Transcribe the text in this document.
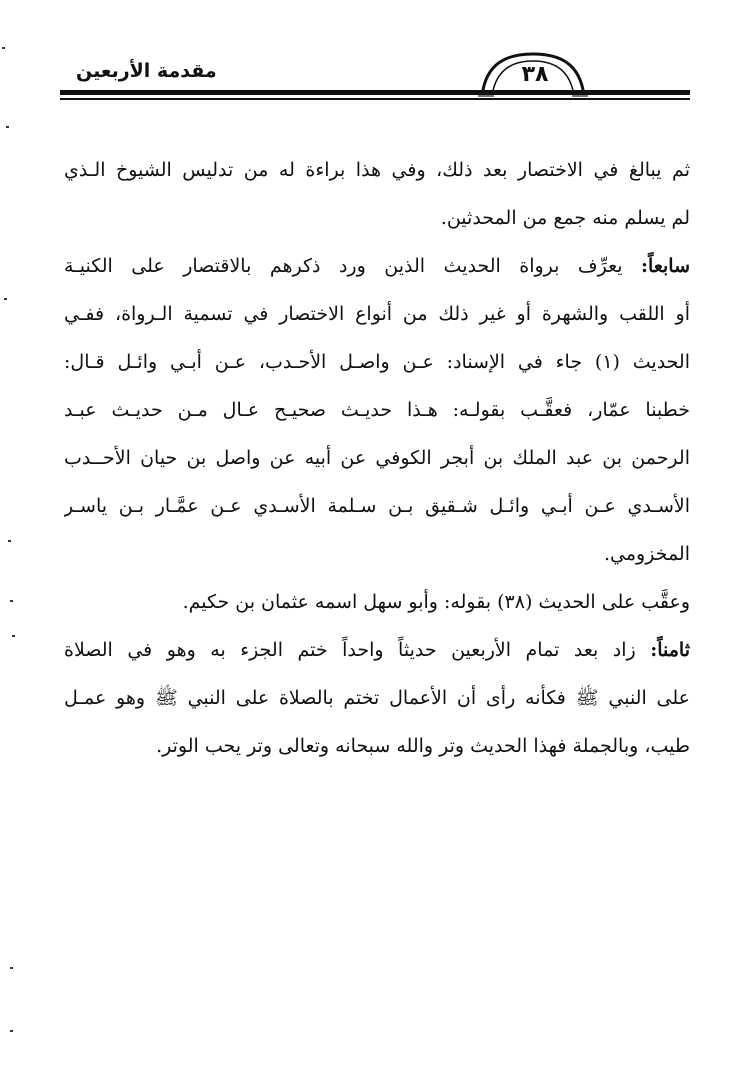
مقدمة الأربعين	٣٨
ثم يبالغ في الاختصار بعد ذلك، وفي هذا براءة له من تدليس الشيوخ الـذي
لم يسلم منه جمع من المحدثين.
سابعاً: يعرِّف برواة الحديث الذين ورد ذكرهم بالاقتصار على الكنيـة
أو اللقب والشهرة أو غير ذلك من أنواع الاختصار في تسمية الـرواة، ففـي
الحديث (١) جاء في الإسناد: عـن واصـل الأحـدب، عـن أبـي وائـل قـال:
خطبنا عمّار، فعقَّـب بقولـه: هـذا حديـث صحيـح عـال مـن حديـث عبـد
الرحمن بن عبد الملك بن أبجر الكوفي عن أبيه عن واصل بن حيان الأحــدب
الأسـدي عـن أبـي وائـل شـقيق بـن سـلمة الأسـدي عـن عمَّـار بـن ياسـر
المخزومي.
وعقَّب على الحديث (٣٨) بقوله: وأبو سهل اسمه عثمان بن حكيم.
ثامناً: زاد بعد تمام الأربعين حديثاً واحداً ختم الجزء به وهو في الصلاة
على النبي ﷺ فكأنه رأى أن الأعمال تختم بالصلاة على النبي ﷺ وهو عمـل
طيب، وبالجملة فهذا الحديث وتر والله سبحانه وتعالى وتر يحب الوتر.
